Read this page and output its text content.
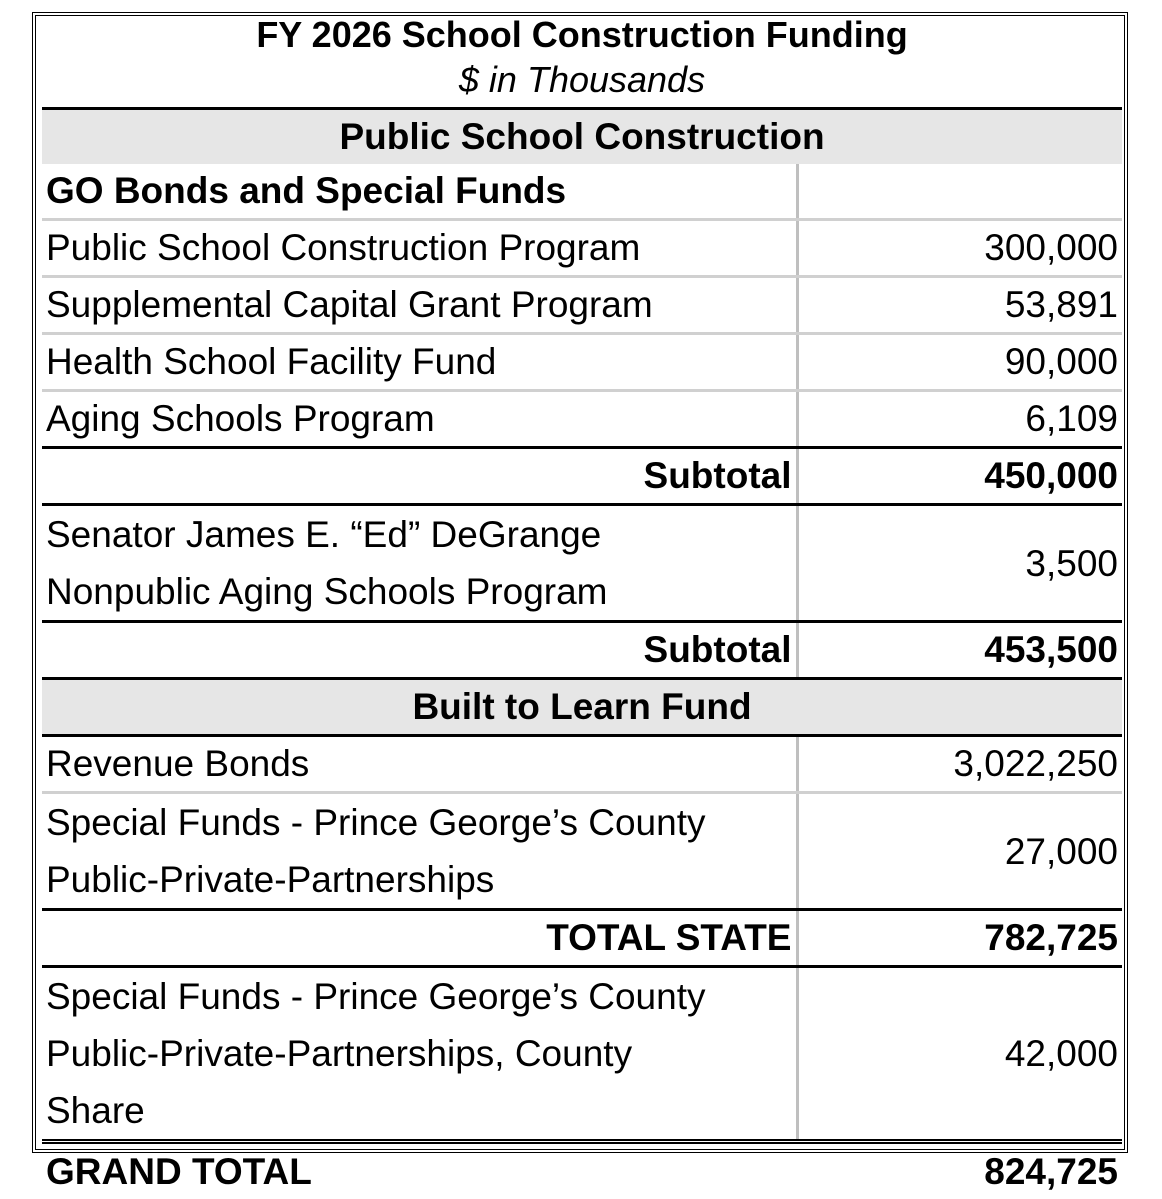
FY 2026 School Construction Funding	
$ in Thousands	
Public School Construction	
GO Bonds and Special Funds	
Public School Construction Program	300,000
Supplemental Capital Grant Program	53,891
Health School Facility Fund	90,000
Aging Schools Program	6,109
Subtotal	450,000

Senator James E. “Ed” DeGrange
Nonpublic Aging Schools Program	3,500
Subtotal	453,500
Built to Learn Fund	
Revenue Bonds	3,022,250

Special Funds - Prince George’s County
Public-Private-Partnerships	27,000
TOTAL STATE	782,725

Special Funds - Prince George’s County
Public-Private-Partnerships, County
Share	42,000
GRAND TOTAL	824,725
